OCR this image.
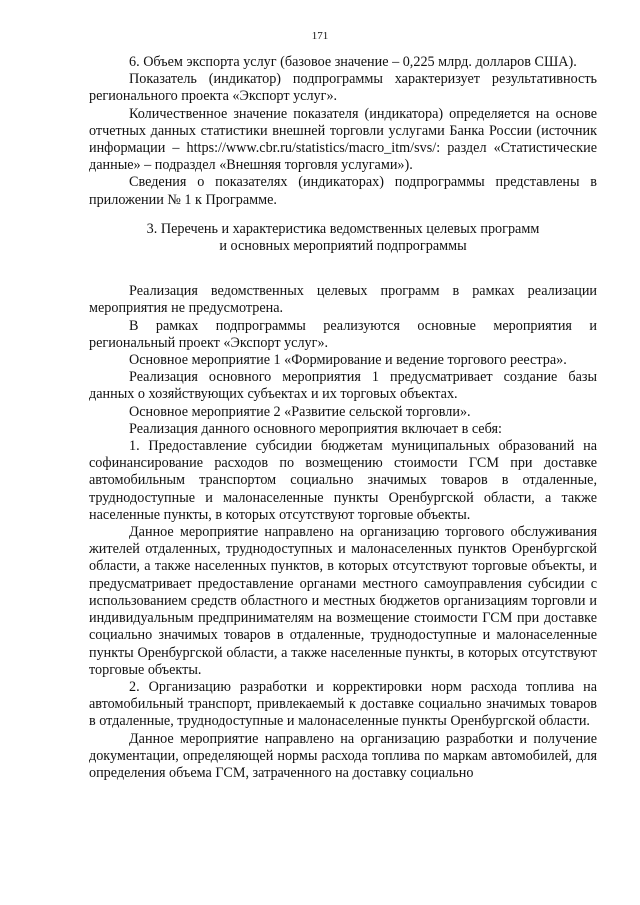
171

6. Объем экспорта услуг (базовое значение – 0,225 млрд. долларов США).

Показатель (индикатор) подпрограммы характеризует результативность регионального проекта «Экспорт услуг».

Количественное значение показателя (индикатора) определяется на основе отчетных данных статистики внешней торговли услугами Банка России (источник информации – https://www.cbr.ru/statistics/macro_itm/svs/: раздел «Статистические данные» – подраздел «Внешняя торговля услугами»).

Сведения о показателях (индикаторах) подпрограммы представлены в приложении № 1 к Программе.

3. Перечень и характеристика ведомственных целевых программ
и основных мероприятий подпрограммы

Реализация ведомственных целевых программ в рамках реализации мероприятия не предусмотрена.

В рамках подпрограммы реализуются основные мероприятия и региональный проект «Экспорт услуг».

Основное мероприятие 1 «Формирование и ведение торгового реестра».

Реализация основного мероприятия 1 предусматривает создание базы данных о хозяйствующих субъектах и их торговых объектах.

Основное мероприятие 2 «Развитие сельской торговли».

Реализация данного основного мероприятия включает в себя:

1. Предоставление субсидии бюджетам муниципальных образований на софинансирование расходов по возмещению стоимости ГСМ при доставке автомобильным транспортом социально значимых товаров в отдаленные, труднодоступные и малонаселенные пункты Оренбургской области, а также населенные пункты, в которых отсутствуют торговые объекты.

Данное мероприятие направлено на организацию торгового обслуживания жителей отдаленных, труднодоступных и малонаселенных пунктов Оренбургской области, а также населенных пунктов, в которых отсутствуют торговые объекты, и предусматривает предоставление органами местного самоуправления субсидии с использованием средств областного и местных бюджетов организациям торговли и индивидуальным предпринимателям на возмещение стоимости ГСМ при доставке социально значимых товаров в отдаленные, труднодоступные и малонаселенные пункты Оренбургской области, а также населенные пункты, в которых отсутствуют торговые объекты.

2. Организацию разработки и корректировки норм расхода топлива на автомобильный транспорт, привлекаемый к доставке социально значимых товаров в отдаленные, труднодоступные и малонаселенные пункты Оренбургской области.

Данное мероприятие направлено на организацию разработки и получение документации, определяющей нормы расхода топлива по маркам автомобилей, для определения объема ГСМ, затраченного на доставку социально
